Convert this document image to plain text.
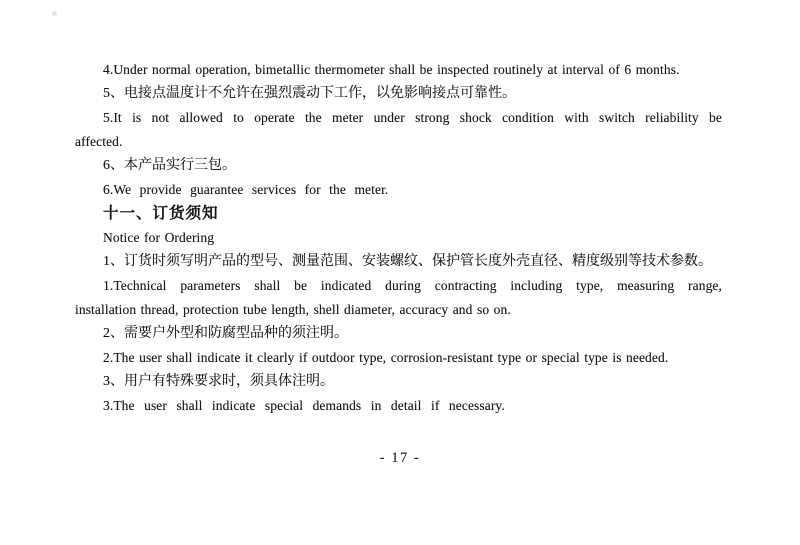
4.Under normal operation, bimetallic thermometer shall be inspected routinely at interval of 6 months.
5、电接点温度计不允许在强烈震动下工作，以免影响接点可靠性。
5.It is not allowed to operate the meter under strong shock condition with switch reliability be
affected.
6、本产品实行三包。
6.We provide guarantee services for the meter.
十一、订货须知
Notice for Ordering
1、订货时须写明产品的型号、测量范围、安装螺纹、保护管长度外壳直径、精度级别等技术参数。
1.Technical parameters shall be indicated during contracting including type, measuring range,
installation thread, protection tube length, shell diameter, accuracy and so on.
2、需要户外型和防腐型品种的须注明。
2.The user shall indicate it clearly if outdoor type, corrosion-resistant type or special type is needed.
3、用户有特殊要求时，须具体注明。
3.The user shall indicate special demands in detail if necessary.
- 17 -
